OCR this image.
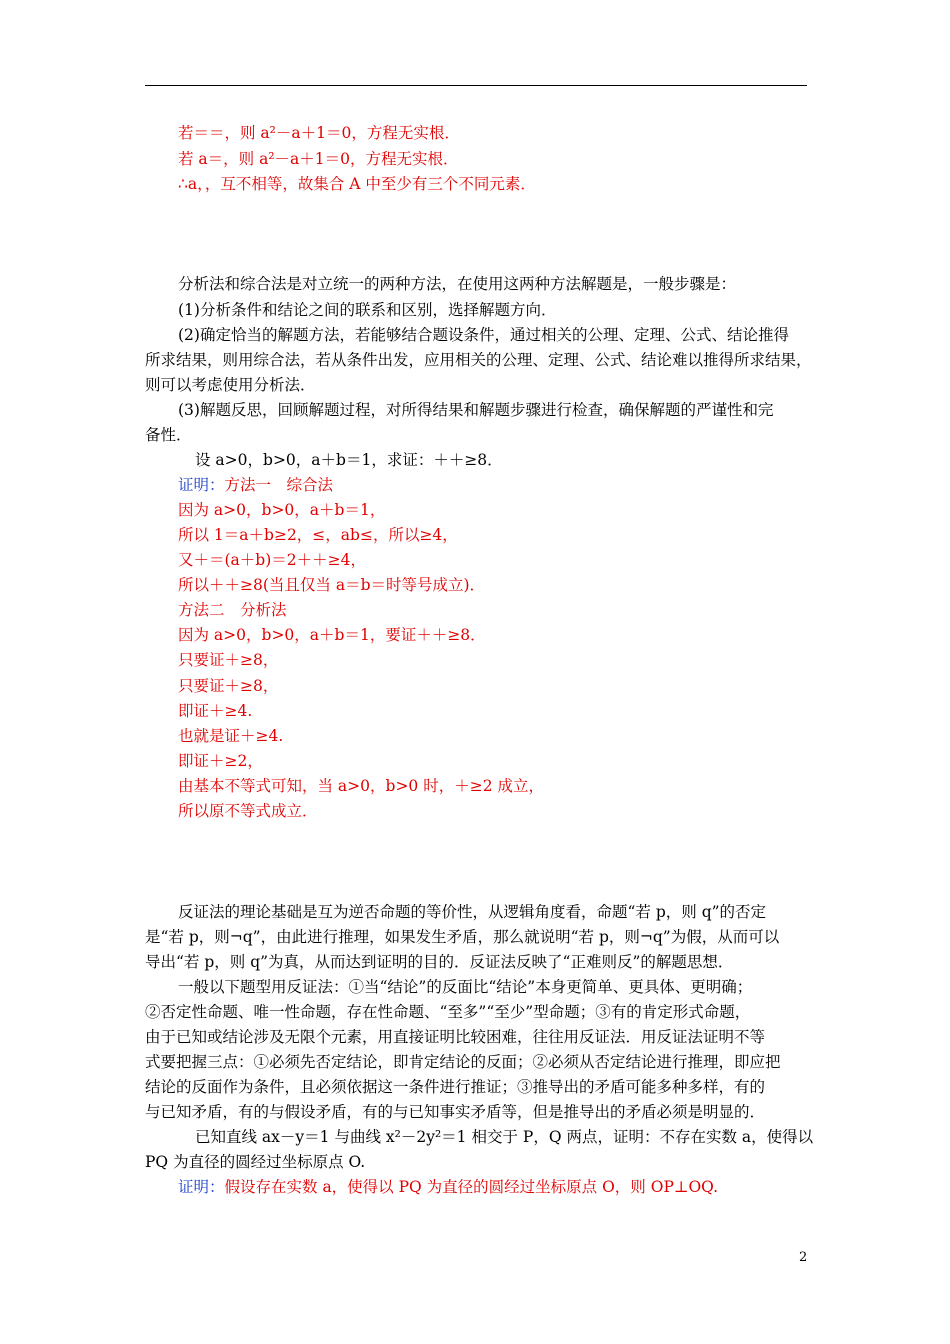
若＝＝，则 a²－a＋1＝0，方程无实根．
若 a＝，则 a²－a＋1＝0，方程无实根．
∴a，，互不相等，故集合 A 中至少有三个不同元素．
分析法和综合法是对立统一的两种方法，在使用这两种方法解题是，一般步骤是：
(1)分析条件和结论之间的联系和区别，选择解题方向．
(2)确定恰当的解题方法，若能够结合题设条件，通过相关的公理、定理、公式、结论推得
所求结果，则用综合法，若从条件出发，应用相关的公理、定理、公式、结论难以推得所求结果，
则可以考虑使用分析法．
(3)解题反思，回顾解题过程，对所得结果和解题步骤进行检查，确保解题的严谨性和完
备性．
设 a>0，b>0，a＋b＝1，求证：＋＋≥8．
证明：方法一　综合法
因为 a>0，b>0，a＋b＝1，
所以 1＝a＋b≥2，≤，ab≤，所以≥4，
又＋＝(a＋b)＝2＋＋≥4，
所以＋＋≥8(当且仅当 a＝b＝时等号成立)．
方法二　分析法
因为 a>0，b>0，a＋b＝1，要证＋＋≥8．
只要证＋≥8，
只要证＋≥8，
即证＋≥4.
也就是证＋≥4.
即证＋≥2，
由基本不等式可知，当 a>0，b>0 时，＋≥2 成立，
所以原不等式成立．
反证法的理论基础是互为逆否命题的等价性，从逻辑角度看，命题“若 p，则 q”的否定
是“若 p，则¬q”，由此进行推理，如果发生矛盾，那么就说明“若 p，则¬q”为假，从而可以
导出“若 p，则 q”为真，从而达到证明的目的．反证法反映了“正难则反”的解题思想．
一般以下题型用反证法：①当“结论”的反面比“结论”本身更简单、更具体、更明确；
②否定性命题、唯一性命题，存在性命题、“至多”“至少”型命题；③有的肯定形式命题，
由于已知或结论涉及无限个元素，用直接证明比较困难，往往用反证法．用反证法证明不等
式要把握三点：①必须先否定结论，即肯定结论的反面；②必须从否定结论进行推理，即应把
结论的反面作为条件，且必须依据这一条件进行推证；③推导出的矛盾可能多种多样，有的
与已知矛盾，有的与假设矛盾，有的与已知事实矛盾等，但是推导出的矛盾必须是明显的．
已知直线 ax－y＝1 与曲线 x²－2y²＝1 相交于 P，Q 两点，证明：不存在实数 a，使得以
PQ 为直径的圆经过坐标原点 O.
证明：假设存在实数 a，使得以 PQ 为直径的圆经过坐标原点 O，则 OP⊥OQ.
2
